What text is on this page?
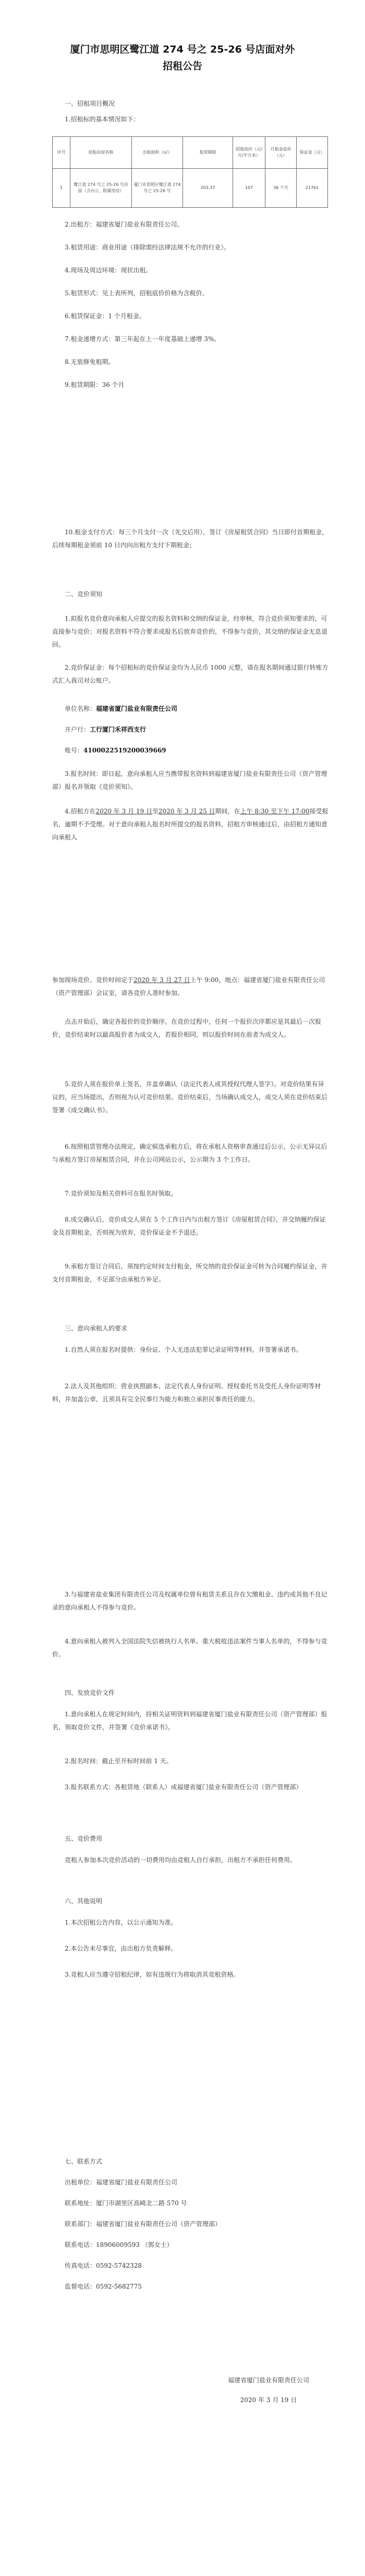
厦门市思明区鹭江道 274 号之 25-26 号店面对外
招租公告

一、招租项目概况

1.招租标的基本情况如下：

序号	招租房屋名称	出租面积（㎡）	租赁期限	招租底价（元/月/平方米）	月租金底价（元）	保证金（元）
1	鹭江道 274 号之 25-26 号店面（含办公、附属用房）	厦门市思明区鹭江道 274 号之 25-26 号	203.37	107	36 个月	21761

2.出租方：福建省厦门盐业有限责任公司。

3.租赁用途：商业用途（排除需经法律法规不允许的行业）。

4.现场及周边环境：现状出租。

5.租赁形式：见上表所列，招租底价价格为含税价。

6.租赁保证金：1 个月租金。

7.租金递增方式：第三年起在上一年度基础上递增 3%。

8.无装修免租期。

9.租赁期限：36 个月

10.租金支付方式：每三个月支付一次（先交后用），签订《房屋租赁合同》当日即付首期租金，后续每期租金须前 10 日内向出租方支付下期租金；

二、竞价须知

1.拟报名竞价意向承租人应提交的报名资料和交纳的保证金，经审核，符合竞价须知要求的，可直接参与竞价；对报名资料不符合要求或报名后放弃竞价的，不得参与竞价，其交纳的保证金无息退回。

2.竞价保证金：每个招租标的竞价保证金均为人民币 1000 元整，请在报名期间通过银行转账方式汇入我司对公账户。

单位名称：福建省厦门盐业有限责任公司

开户行：工行厦门禾祥西支行

账号：4100022519200039669

3.报名时间：即日起，意向承租人应当携带报名资料到福建省厦门盐业有限责任公司（资产管理部）报名并领取《竞价须知》。

4.招租方在2020 年 3 月 19 日至2020 年 3 月 25 日期间，在上午 8:30 至下午 17:00接受报名，逾期不予受理。对于意向承租人报名时所提交的报名资料，招租方审核通过后，由招租方通知意向承租人

参加现场竞价。竞价时间定于2020 年 3 月 27 日上午 9:00，地点：福建省厦门盐业有限责任公司（资产管理部）会议室，请各竞价人准时参加。

点击开始后，确定各报价的竞价顺序。在竞价过程中，任何一个报价次序都应是其最后一次报价，竞价结束时以最高报价者为成交人，若报价相同，则以报价时间在前者为成交人。

5.竞价人须在报价单上签名，并盖章确认（法定代表人或其授权代理人签字）。对竞价结果有异议的，应当场提出，否则视为认可竞价结果。竞价结束后，当场确认成交人，成交人须在竞价结束后签署《成交确认书》。

6.按照租赁管理办法规定，确定候选承租方后，将在承租人资格审查通过后公示，公示无异议后与承租方签订房屋租赁合同，并在公司网站公示，公示期为 3 个工作日。

7.竞价须知及相关资料可在报名时领取。

8.成交确认后，竞价成交人须在 5 个工作日内与出租方签订《房屋租赁合同》，并交纳履约保证金及首期租金，否则视为放弃，竞价保证金不予退还。

9.承租方签订合同后，须按约定时间支付租金，所交纳的竞价保证金可转为合同履约保证金，并支付首期租金，不足部分由承租方补足。

三、意向承租人的要求

1.自然人须在报名时提供：身份证、个人无违法犯罪记录证明等材料，并签署承诺书。

2.法人及其他组织：营业执照副本、法定代表人身份证明、授权委托书及受托人身份证明等材料，并加盖公章，且须具有完全民事行为能力和独立承担民事责任的能力。

3.与福建省盐业集团有限责任公司及权属单位曾有租赁关系且存在欠缴租金、违约或其他不良记录的意向承租人不得参与竞价。

4.意向承租人被列入全国法院失信被执行人名单、重大税收违法案件当事人名单的，不得参与竞价。

四、发放竞价文件

1.意向承租人在规定时间内，持相关证明资料到福建省厦门盐业有限责任公司（资产管理部）报名，领取竞价文件，并签署《竞价承诺书》。

2.报名时间：截止至开标时间前 1 天。

3.报名联系方式：各租赁地（联系人）或福建省厦门盐业有限责任公司（资产管理部）

五、竞价费用

竞租人参加本次竞价活动的一切费用均由竞租人自行承担，出租方不承担任何费用。

六、其他说明

1.本次招租公告内容，以公示通知为准。

2.本公告未尽事宜，由出租方负责解释。

3.竞租人应当遵守招租纪律，如有违规行为将取消其竞租资格。

七、联系方式

出租单位：福建省厦门盐业有限责任公司

联系地址：厦门市湖里区高崎北二路 570 号

联系部门：福建省厦门盐业有限责任公司（资产管理部）

联系电话：18906009593 （郭女士）

传真电话：0592-5742328

监督电话：0592-5682775

福建省厦门盐业有限责任公司
2020 年 3 月 19 日
